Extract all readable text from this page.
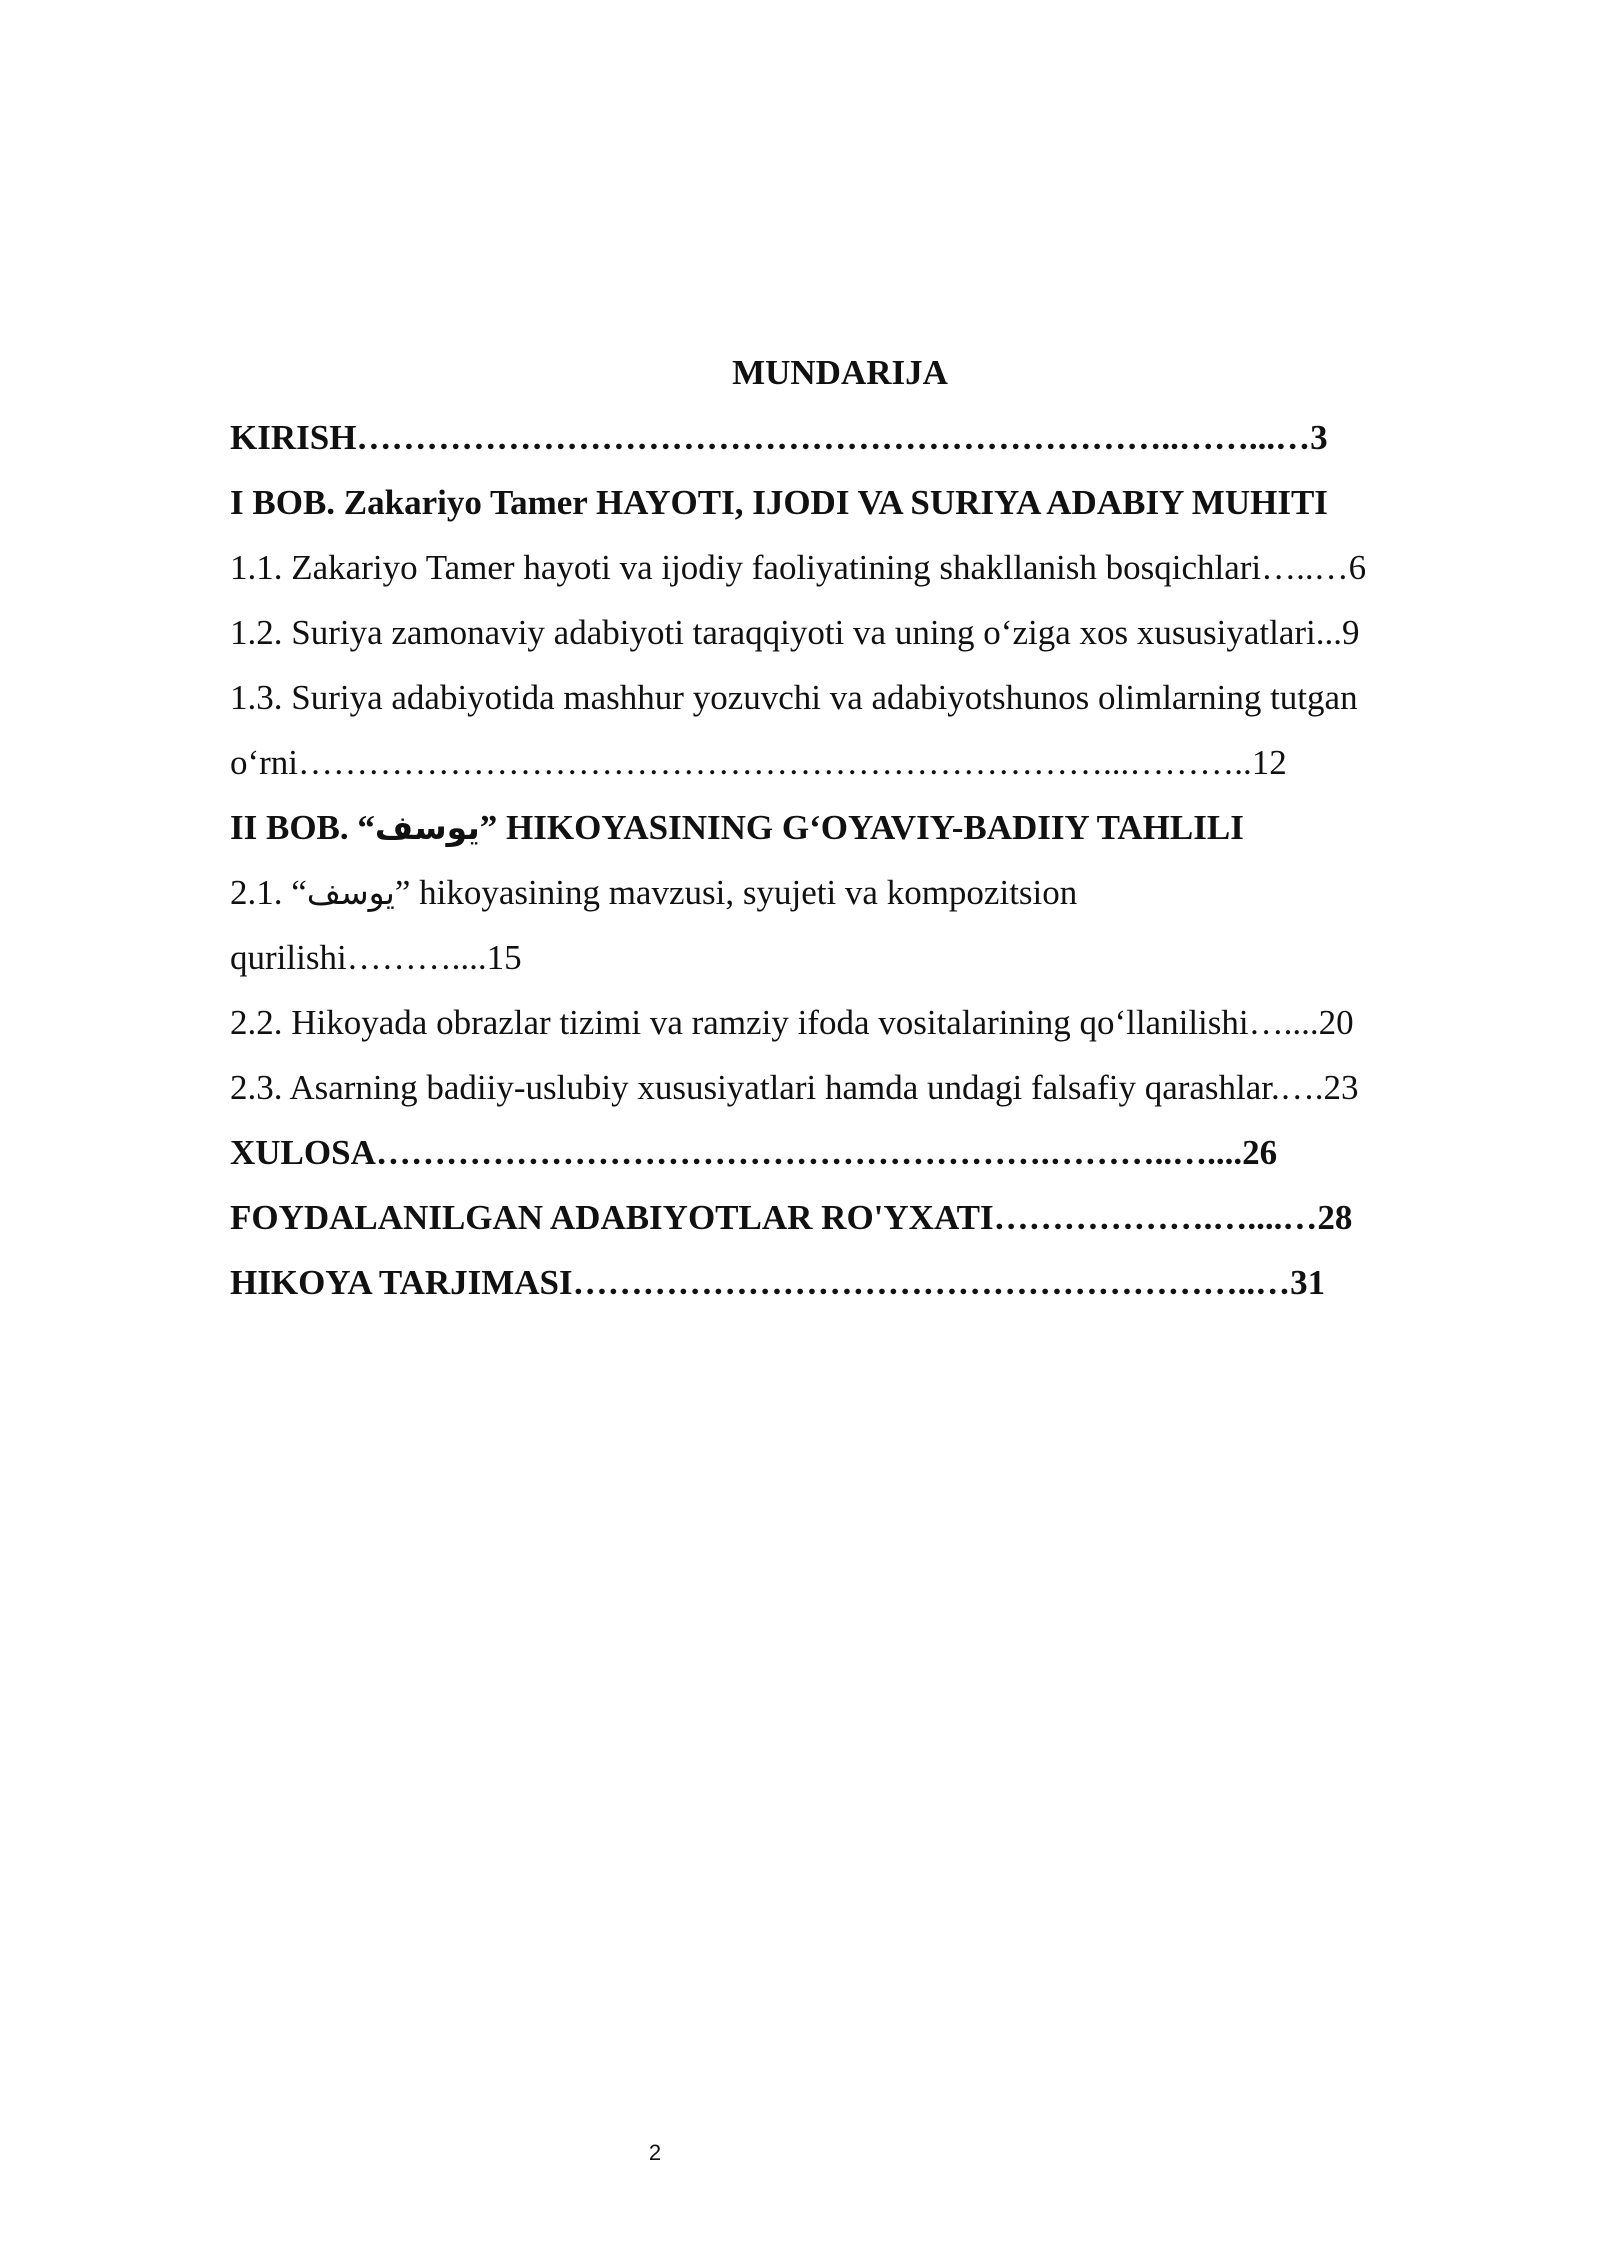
MUNDARIJA
KIRISH……………………………………………………………..……...…3
I BOB. Zakariyo Tamer HAYOTI, IJODI VA SURIYA ADABIY MUHITI
1.1. Zakariyo Tamer hayoti va ijodiy faoliyatining shakllanish bosqichlari…..…6
1.2. Suriya zamonaviy adabiyoti taraqqiyoti va uning o‘ziga xos xususiyatlari...9
1.3. Suriya adabiyotida mashhur yozuvchi va adabiyotshunos olimlarning tutgan
o‘rni……………………………………………………………...………..12
II BOB. “يوسف” HIKOYASINING G‘OYAVIY-BADIIY TAHLILI
2.1. “يوسف” hikoyasining mavzusi, syujeti va kompozitsion
qurilishi………....15
2.2. Hikoyada obrazlar tizimi va ramziy ifoda vositalarining qo‘llanilishi…....20
2.3. Asarning badiiy-uslubiy xususiyatlari hamda undagi falsafiy qarashlar.….23
XULOSA………………………………………………….………..…....26
FOYDALANILGAN ADABIYOTLAR RO'YXATI……………….…....…28
HIKOYA TARJIMASI…………………………………………………..…31
2
